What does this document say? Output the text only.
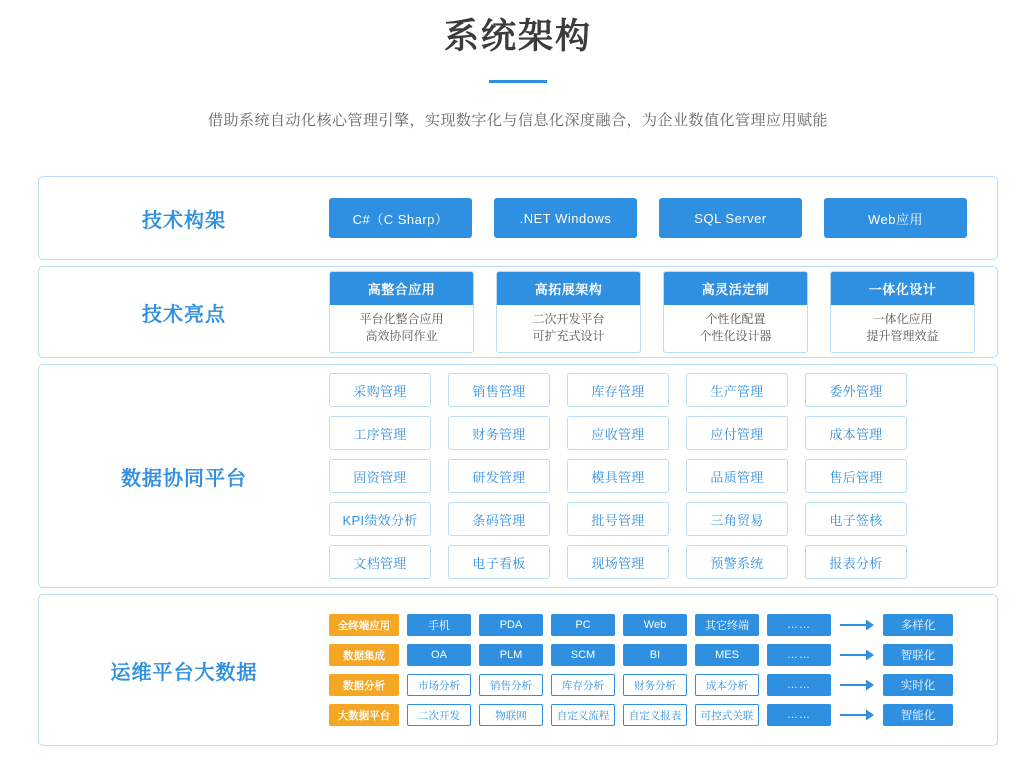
系统架构
借助系统自动化核心管理引擎，实现数字化与信息化深度融合，为企业数值化管理应用赋能
技术构架	C#（C Sharp）	.NET Windows	SQL Server	Web应用
技术亮点
高整合应用
平台化整合应用
高效协同作业
高拓展架构
二次开发平台
可扩充式设计
高灵活定制
个性化配置
个性化设计器
一体化设计
一体化应用
提升管理效益
数据协同平台
采购管理	销售管理	库存管理	生产管理	委外管理
工序管理	财务管理	应收管理	应付管理	成本管理
固资管理	研发管理	模具管理	品质管理	售后管理
KPI绩效分析	条码管理	批号管理	三角贸易	电子签核
文档管理	电子看板	现场管理	预警系统	报表分析
运维平台大数据
全终端应用	手机	PDA	PC	Web	其它终端	……	多样化
数据集成	OA	PLM	SCM	BI	MES	……	智联化
数据分析	市场分析	销售分析	库存分析	财务分析	成本分析	……	实时化
大数据平台	二次开发	物联网	自定义流程	自定义报表	可控式关联	……	智能化
